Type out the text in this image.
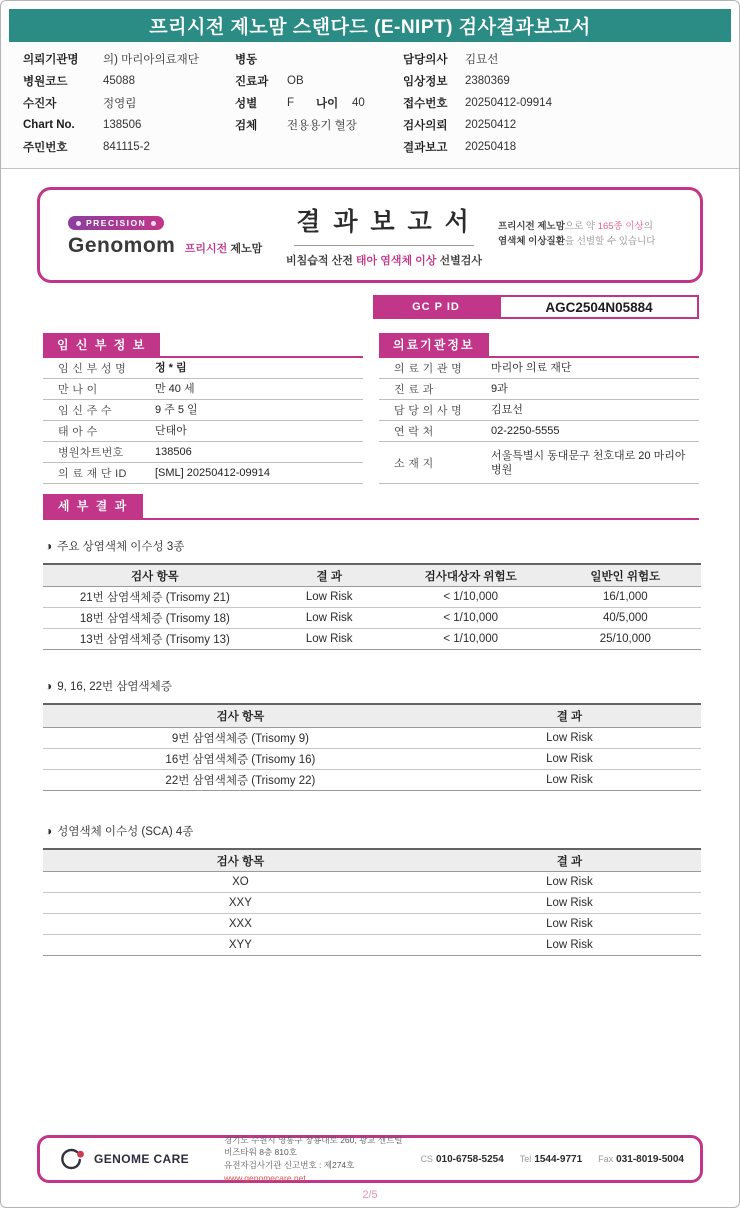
프리시전 제노맘 스탠다드 (E-NIPT) 검사결과보고서
의뢰기관명	의) 마리아의료재단
병원코드	45088
수진자	정영림
Chart No.	138506
주민번호	841115-2
병동
진료과	OB
성별	F 나이	40
검체	전용용기 혈장
담당의사	김묘선
임상정보	2380369
접수번호	20250412-09914
검사의뢰	20250412
결과보고	20250418
PRECISION
Genomom 프리시전 제노맘
결 과 보 고 서
비침습적 산전 태아 염색체 이상 선별검사
프리시전 제노맘으로 약 165종 이상의
염색체 이상질환을 선별할 수 있습니다
GC P ID	AGC2504N05884
임 신 부 정 보
임 신 부 성 명	정 * 림
만 나 이	만 40 세
임 신 주 수	9 주 5 일
태 아 수	단태아
병원차트번호	138506
의 료 재 단 ID	[SML] 20250412-09914
의료기관정보
의 료 기 관 명	마리아 의료 재단
진 료 과	9과
담 당 의 사 명	김묘선
연 락 처	02-2250-5555
소 재 지
서울특별시 동대문구 천호대로 20 마리아병원
세 부 결 과
◑ 주요 상염색체 이수성 3종
검사 항목	결 과	검사대상자 위험도	일반인 위험도
21번 삼염색체증 (Trisomy 21)	Low Risk	< 1/10,000	16/1,000
18번 삼염색체증 (Trisomy 18)	Low Risk	< 1/10,000	40/5,000
13번 삼염색체증 (Trisomy 13)	Low Risk	< 1/10,000	25/10,000
◑ 9, 16, 22번 삼염색체증
검사 항목	결 과
9번 삼염색체증 (Trisomy 9)	Low Risk
16번 삼염색체증 (Trisomy 16)	Low Risk
22번 삼염색체증 (Trisomy 22)	Low Risk
◑ 성염색체 이수성 (SCA) 4종
검사 항목	결 과
XO	Low Risk
XXY	Low Risk
XXX	Low Risk
XYY	Low Risk
GENOME CARE
경기도 수원시 영통구 창룡대로 260, 광교 센트럴비즈타워 8층 810호
유전자검사기관 신고번호 : 제274호
www.genomecare.net
CS 010-6758-5254 Tel 1544-9771 Fax 031-8019-5004
2/5
